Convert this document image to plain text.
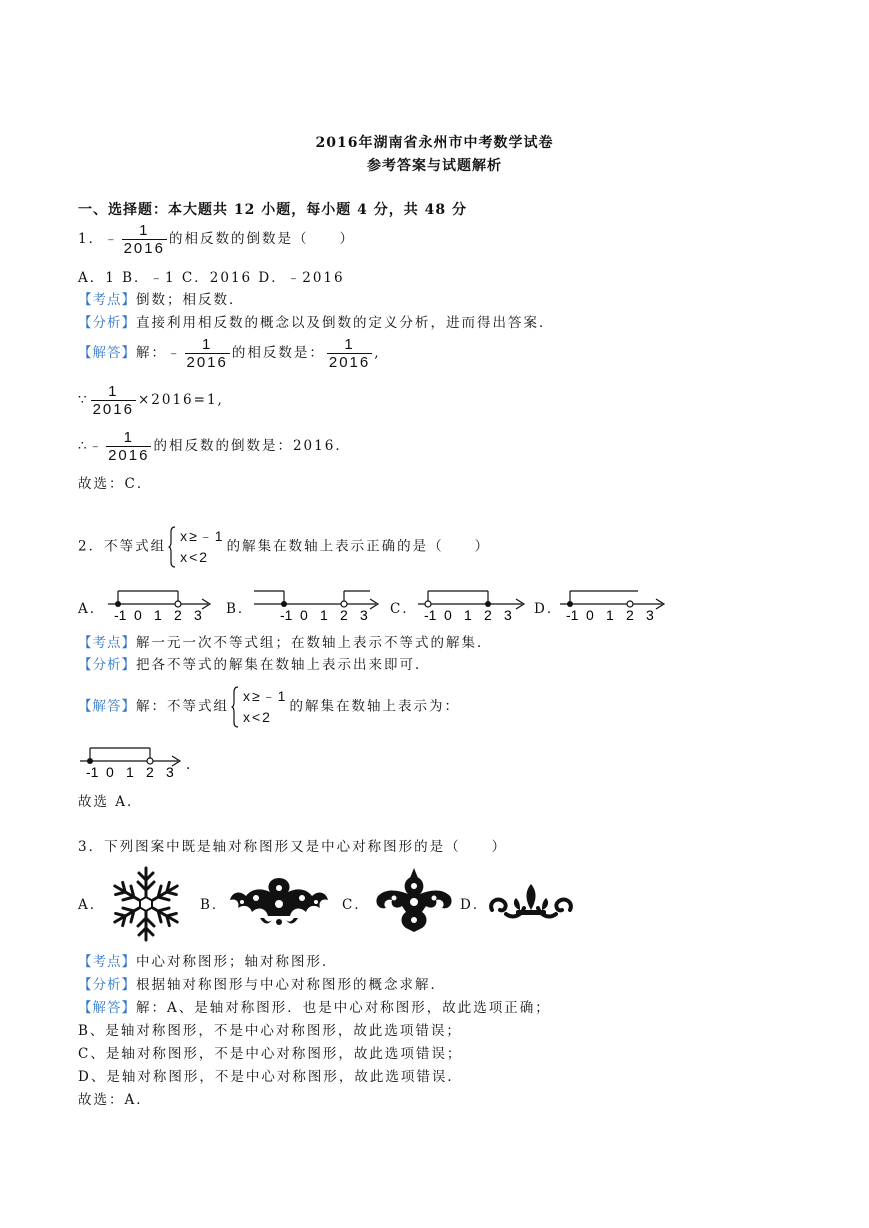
2016年湖南省永州市中考数学试卷
参考答案与试题解析
一、选择题：本大题共 12 小题，每小题 4 分，共 48 分
1．﹣ $\frac{1}{2016}$ 的相反数的倒数是（　　）
A．1 B．﹣1 C．2016 D．﹣2016
【考点】倒数；相反数．
【分析】直接利用相反数的概念以及倒数的定义分析，进而得出答案．
【解答】解：﹣ $\frac{1}{2016}$ 的相反数是： $\frac{1}{2016}$ ,
∵ $\frac{1}{2016} \times 2016=1$,
∴﹣ $\frac{1}{2016}$ 的相反数的倒数是：2016．
故选：C．
2．不等式组
x≥﹣1
x<2
的解集在数轴上表示正确的是（　　）
A． -1 0 1 2 3 B． -1 0 1 2 3 C． -1 0 1 2 3 D． -1 0 1 2 3
【考点】解一元一次不等式组；在数轴上表示不等式的解集．
【分析】把各不等式的解集在数轴上表示出来即可．
【解答】解：不等式组
x≥﹣1
x<2
的解集在数轴上表示为：
-1 0 1 2 3 .
故选 A．
3．下列图案中既是轴对称图形又是中心对称图形的是（　　）
A．	B．	C．	D．
【考点】中心对称图形；轴对称图形．
【分析】根据轴对称图形与中心对称图形的概念求解．
【解答】解：A、是轴对称图形．也是中心对称图形，故此选项正确；
B、是轴对称图形，不是中心对称图形，故此选项错误；
C、是轴对称图形，不是中心对称图形，故此选项错误；
D、是轴对称图形，不是中心对称图形，故此选项错误．
故选：A．
